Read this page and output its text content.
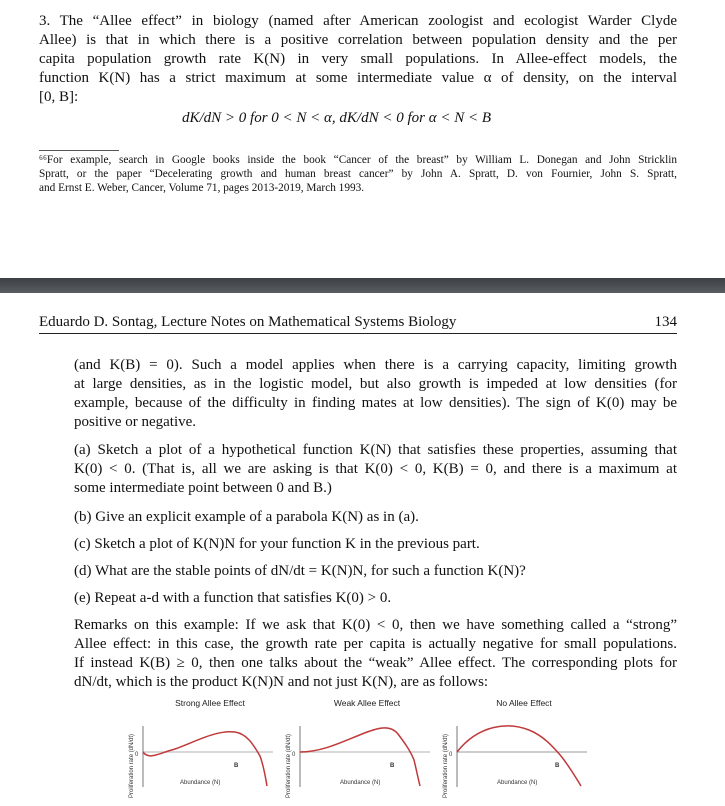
3. The “Allee effect” in biology (named after American zoologist and ecologist Warder Clyde
Allee) is that in which there is a positive correlation between population density and the per
capita population growth rate K(N) in very small populations. In Allee-effect models, the
function K(N) has a strict maximum at some intermediate value α of density, on the interval
[0, B]:
dK/dN > 0 for 0 < N < α, dK/dN < 0 for α < N < B
⁶⁶For example, search in Google books inside the book “Cancer of the breast” by William L. Donegan and John Stricklin
Spratt, or the paper “Decelerating growth and human breast cancer” by John A. Spratt, D. von Fournier, John S. Spratt,
and Ernst E. Weber, Cancer, Volume 71, pages 2013-2019, March 1993.
Eduardo D. Sontag, Lecture Notes on Mathematical Systems Biology	134
(and K(B) = 0). Such a model applies when there is a carrying capacity, limiting growth
at large densities, as in the logistic model, but also growth is impeded at low densities (for
example, because of the difficulty in finding mates at low densities). The sign of K(0) may be
positive or negative.
(a) Sketch a plot of a hypothetical function K(N) that satisfies these properties, assuming that
K(0) < 0. (That is, all we are asking is that K(0) < 0, K(B) = 0, and there is a maximum at
some intermediate point between 0 and B.)
(b) Give an explicit example of a parabola K(N) as in (a).
(c) Sketch a plot of K(N)N for your function K in the previous part.
(d) What are the stable points of dN/dt = K(N)N, for such a function K(N)?
(e) Repeat a-d with a function that satisfies K(0) > 0.
Remarks on this example: If we ask that K(0) < 0, then we have something called a “strong”
Allee effect: in this case, the growth rate per capita is actually negative for small populations.
If instead K(B) ≥ 0, then one talks about the “weak” Allee effect. The corresponding plots for
dN/dt, which is the product K(N)N and not just K(N), are as follows:
Strong Allee Effect
Proliferation rate (dN/dt) 0
B
Abundance (N)
Weak Allee Effect
Proliferation rate (dN/dt) 0
B
Abundance (N)
No Allee Effect
Proliferation rate (dN/dt) 0
B
Abundance (N)
